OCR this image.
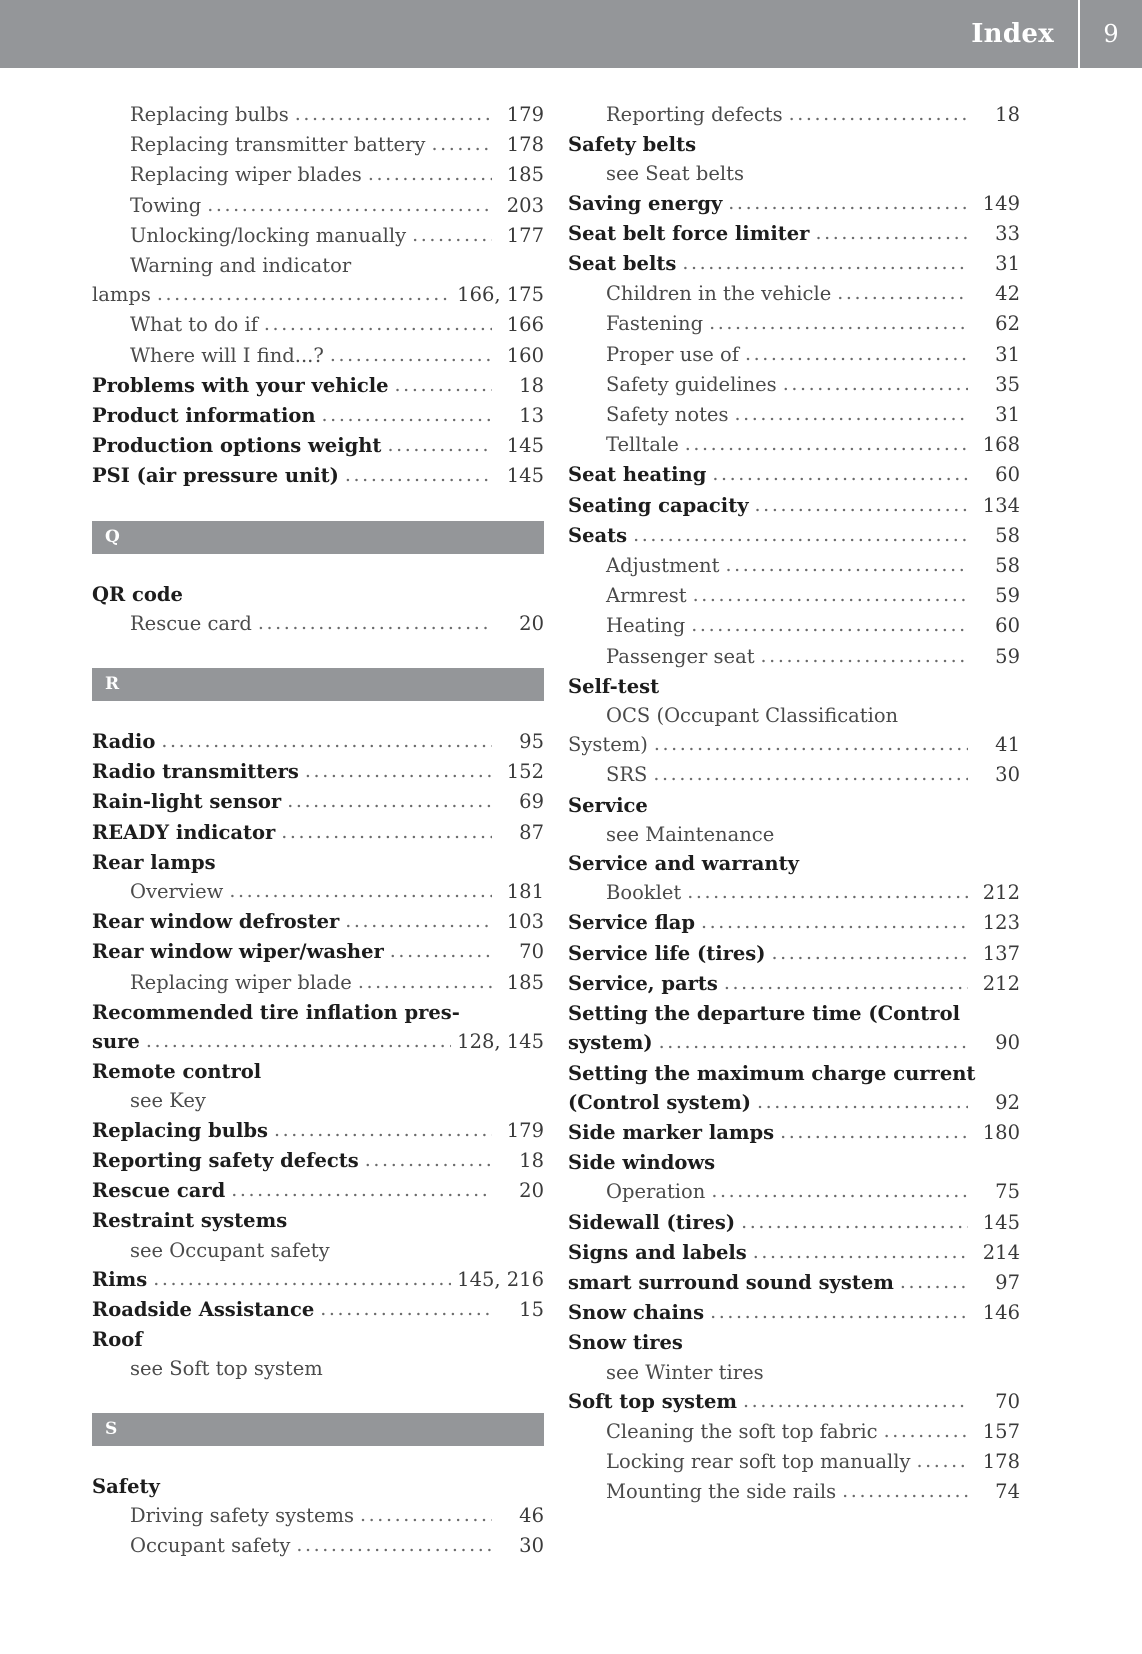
Index	9
Replacing bulbs .....	179
Replacing transmitter battery .....	178
Replacing wiper blades .....	185
Towing .....	203
Unlocking/locking manually .....	177
Warning and indicator
lamps .....	166, 175
What to do if .....	166
Where will I find...? .....	160
Problems with your vehicle .....	18
Product information .....	13
Production options weight .....	145
PSI (air pressure unit) .....	145
Q
QR code
Rescue card .....	20
R
Radio .....	95
Radio transmitters .....	152
Rain-light sensor .....	69
READY indicator .....	87
Rear lamps
Overview .....	181
Rear window defroster .....	103
Rear window wiper/washer .....	70
Replacing wiper blade .....	185
Recommended tire inflation pres-
sure .....	128, 145
Remote control
see Key
Replacing bulbs .....	179
Reporting safety defects .....	18
Rescue card .....	20
Restraint systems
see Occupant safety
Rims .....	145, 216
Roadside Assistance .....	15
Roof
see Soft top system
S
Safety
Driving safety systems .....	46
Occupant safety .....	30
Reporting defects .....	18
Safety belts
see Seat belts
Saving energy .....	149
Seat belt force limiter .....	33
Seat belts .....	31
Children in the vehicle .....	42
Fastening .....	62
Proper use of .....	31
Safety guidelines .....	35
Safety notes .....	31
Telltale .....	168
Seat heating .....	60
Seating capacity .....	134
Seats .....	58
Adjustment .....	58
Armrest .....	59
Heating .....	60
Passenger seat .....	59
Self-test
OCS (Occupant Classification
System) .....	41
SRS .....	30
Service
see Maintenance
Service and warranty
Booklet .....	212
Service flap .....	123
Service life (tires) .....	137
Service, parts .....	212
Setting the departure time (Control
system) .....	90
Setting the maximum charge current
(Control system) .....	92
Side marker lamps .....	180
Side windows
Operation .....	75
Sidewall (tires) .....	145
Signs and labels .....	214
smart surround sound system .....	97
Snow chains .....	146
Snow tires
see Winter tires
Soft top system .....	70
Cleaning the soft top fabric .....	157
Locking rear soft top manually .....	178
Mounting the side rails .....	74
